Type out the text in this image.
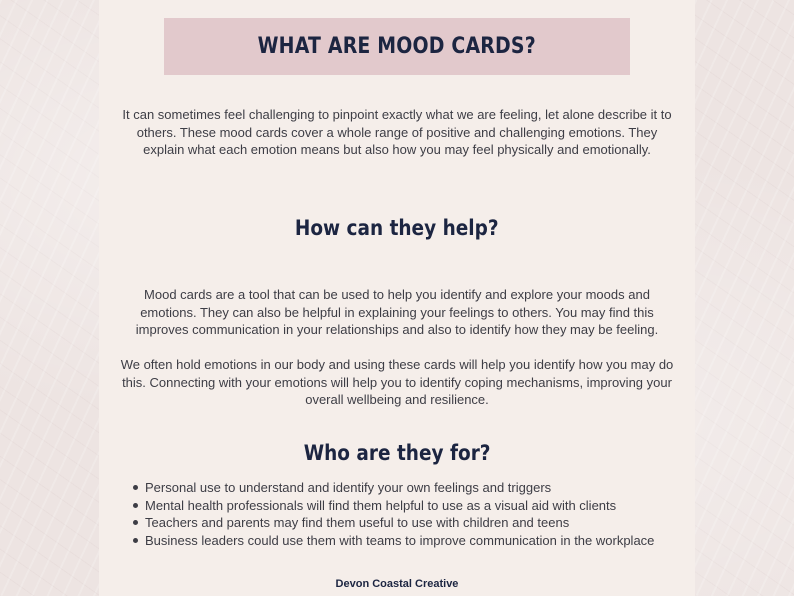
WHAT ARE MOOD CARDS?

It can sometimes feel challenging to pinpoint exactly what we are feeling, let alone describe it to others. These mood cards cover a whole range of positive and challenging emotions. They explain what each emotion means but also how you may feel physically and emotionally.

How can they help?

Mood cards are a tool that can be used to help you identify and explore your moods and emotions. They can also be helpful in explaining your feelings to others. You may find this improves communication in your relationships and also to identify how they may be feeling.

We often hold emotions in our body and using these cards will help you identify how you may do this. Connecting with your emotions will help you to identify coping mechanisms, improving your overall wellbeing and resilience.

Who are they for?
Personal use to understand and identify your own feelings and triggers
Mental health professionals will find them helpful to use as a visual aid with clients
Teachers and parents may find them useful to use with children and teens
Business leaders could use them with teams to improve communication in the workplace

Devon Coastal Creative
